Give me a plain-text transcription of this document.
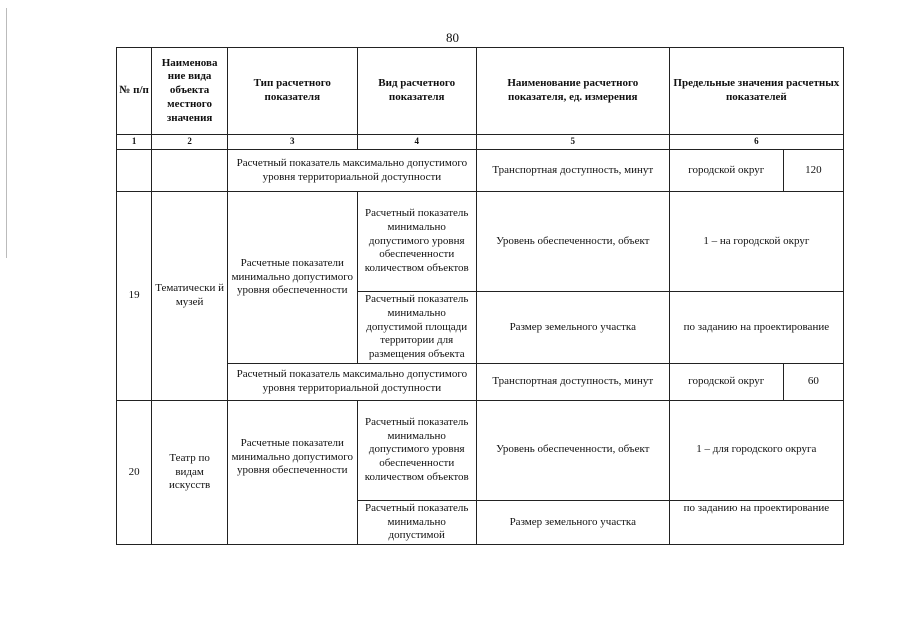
80
№ п/п	Наименова ние вида объекта местного значения	Тип расчетного показателя	Вид расчетного показателя	Наименование расчетного показателя, ед. измерения	Предельные значения расчетных показателей	
1	2	3	4	5	6	
		Расчетный показатель максимально допустимого уровня территориальной доступности		Транспортная доступность, минут	городской округ	120
19	Тематически й музей	Расчетные показатели минимально допустимого уровня обеспеченности	Расчетный показатель минимально допустимого уровня обеспеченности количеством объектов	Уровень обеспеченности, объект	1 – на городской округ	
			Расчетный показатель минимально допустимой площади территории для размещения объекта	Размер земельного участка	по заданию на проектирование	
		Расчетный показатель максимально допустимого уровня территориальной доступности		Транспортная доступность, минут	городской округ	60
20	Театр по видам искусств	Расчетные показатели минимально допустимого уровня обеспеченности	Расчетный показатель минимально допустимого уровня обеспеченности количеством объектов	Уровень обеспеченности, объект	1 – для городского округа	
			Расчетный показатель минимально допустимой	Размер земельного участка	по заданию на проектирование	
